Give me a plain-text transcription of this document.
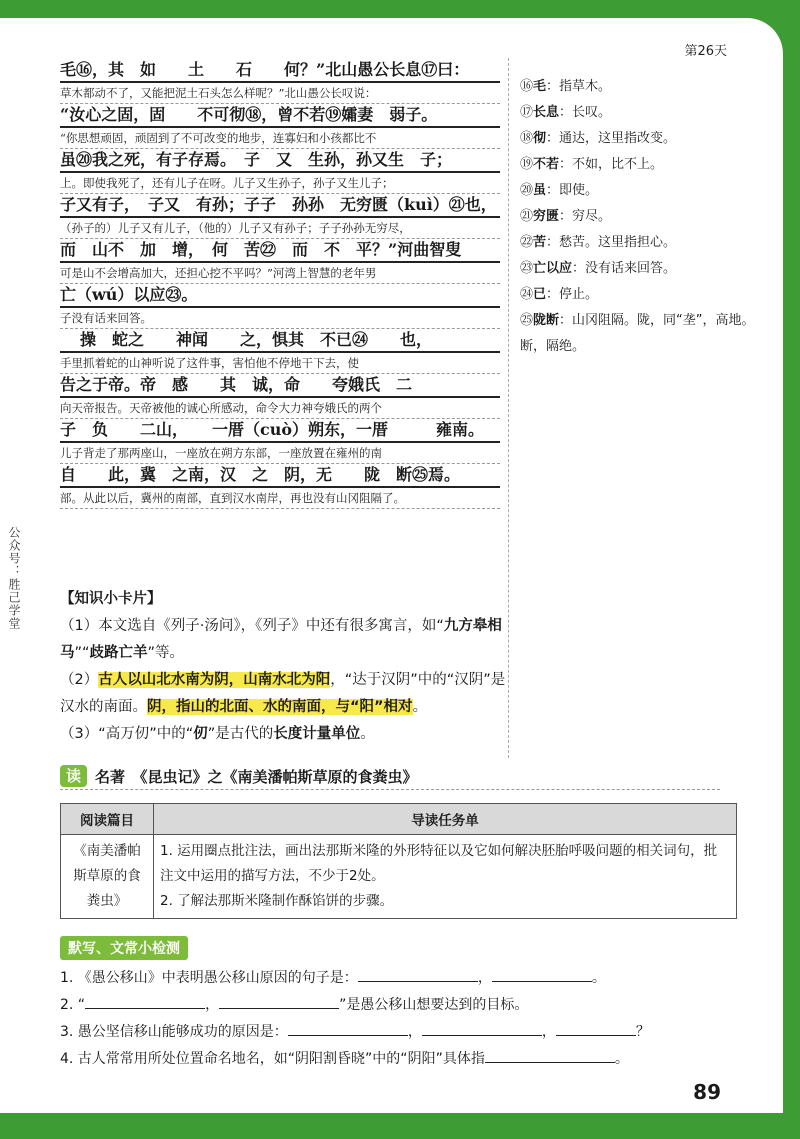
第26天
公众号：胜己学堂
毛⑯，其　如　　土　　石　　何？”北山愚公长息⑰曰：
草木都动不了，又能把泥土石头怎么样呢？”北山愚公长叹说：
“汝心之固，固　　不可彻⑱，曾不若⑲孀妻　弱子。
“你思想顽固，顽固到了不可改变的地步，连寡妇和小孩都比不
虽⑳我之死，有子存焉。　子　又　生孙，孙又生　子；
上。即使我死了，还有儿子在呀。儿子又生孙子，孙子又生儿子；
子又有子，　子又　有孙；子子　孙孙　无穷匮（kuì）㉑也，
（孙子的）儿子又有儿子，（他的）儿子又有孙子；子子孙孙无穷尽，
而　山不　加　增，　何　苦㉒　而　不　平？”河曲智叟
可是山不会增高加大，还担心挖不平吗？”河湾上智慧的老年男
亡（wú）以应㉓。
子没有话来回答。
操　蛇之　　神闻　　之，惧其　不已㉔　　也，
手里抓着蛇的山神听说了这件事，害怕他不停地干下去，使
告之于帝。帝　感　　其　诚，命　　夸娥氏　二
向天帝报告。天帝被他的诚心所感动，命令大力神夸娥氏的两个
子　负　　二山，　　一厝（cuò）朔东，一厝　　　雍南。
儿子背走了那两座山，一座放在朔方东部，一座放置在雍州的南
自　　此，冀　之南，汉　之　阴，无　　陇　断㉕焉。
部。从此以后，冀州的南部，直到汉水南岸，再也没有山冈阻隔了。

⑯毛：指草木。

⑰长息：长叹。

⑱彻：通达，这里指改变。

⑲不若：不如，比不上。

⑳虽：即使。

㉑穷匮：穷尽。

㉒苦：愁苦。这里指担心。

㉓亡以应：没有话来回答。

㉔已：停止。

㉕陇断：山冈阻隔。陇，同“垄”，高地。断，隔绝。

【知识小卡片】

（1）本文选自《列子·汤问》，《列子》中还有很多寓言，如“九方皋相马”“歧路亡羊”等。

（2）古人以山北水南为阴，山南水北为阳，“达于汉阴”中的“汉阴”是汉水的南面。阴，指山的北面、水的南面，与“阳”相对。

（3）“高万仞”中的“仞”是古代的长度计量单位。

读 名著　《昆虫记》之《南美潘帕斯草原的食粪虫》
阅读篇目	导读任务单
《南美潘帕斯草原的食粪虫》	1. 运用圈点批注法，画出法那斯米隆的外形特征以及它如何解决胚胎呼吸问题的相关词句，批注文中运用的描写方法，不少于2处。
2. 了解法那斯米隆制作酥馅饼的步骤。
默写、文常小检测

1. 《愚公移山》中表明愚公移山原因的句子是：	，	。

2. “	，	”是愚公移山想要达到的目标。

3. 愚公坚信移山能够成功的原因是：	，	，	？

4. 古人常常用所处位置命名地名，如“阴阳割昏晓”中的“阴阳”具体指	。

89
